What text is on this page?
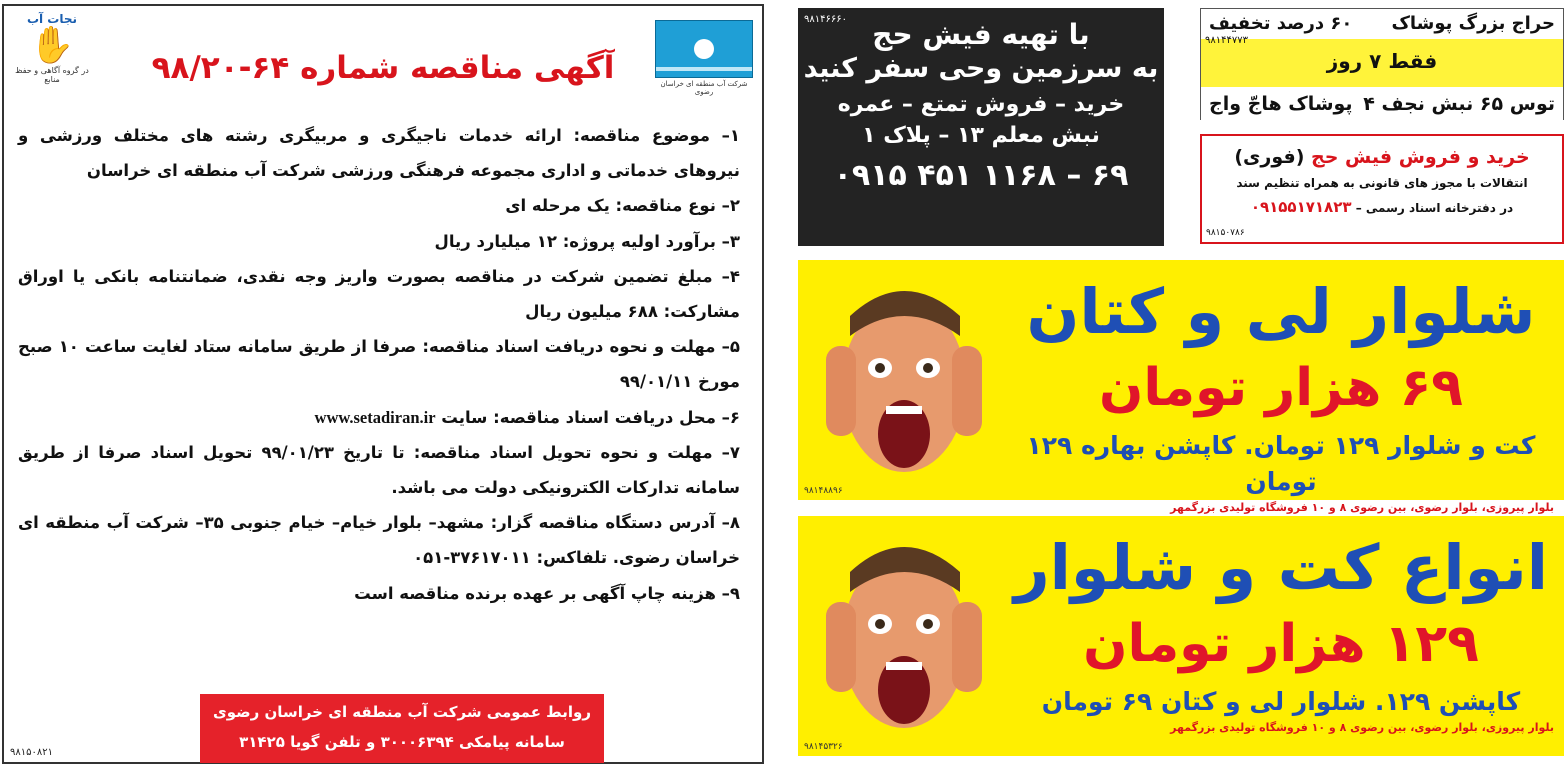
شرکت آب منطقه ای خراسان رضوی
نجات آب
✋
در گروه آگاهی و حفظ منابع	آگهی مناقصه شماره ۶۴-۹۸/۲۰

۱– موضوع مناقصه: ارائه خدمات ناجیگری و مربیگری رشته های مختلف ورزشی و نیروهای خدماتی و اداری مجموعه فرهنگی ورزشی شرکت آب منطقه ای خراسان

۲– نوع مناقصه: یک مرحله ای

۳– برآورد اولیه پروژه: ۱۲ میلیارد ریال

۴– مبلغ تضمین شرکت در مناقصه بصورت واریز وجه نقدی، ضمانتنامه بانکی یا اوراق مشارکت: ۶۸۸ میلیون ریال

۵– مهلت و نحوه دریافت اسناد مناقصه: صرفا از طریق سامانه ستاد لغایت ساعت ۱۰ صبح مورخ ۹۹/۰۱/۱۱

۶– محل دریافت اسناد مناقصه: سایت www.setadiran.ir

۷– مهلت و نحوه تحویل اسناد مناقصه: تا تاریخ ۹۹/۰۱/۲۳ تحویل اسناد صرفا از طریق سامانه تدارکات الکترونیکی دولت می باشد.

۸– آدرس دستگاه مناقصه گزار: مشهد– بلوار خیام– خیام جنوبی ۳۵– شرکت آب منطقه ای خراسان رضوی. تلفاکس: ۳۷۶۱۷۰۱۱-۰۵۱

۹– هزینه چاپ آگهی بر عهده برنده مناقصه است

روابط عمومی شرکت آب منطقه ای خراسان رضوی
سامانه پیامکی ۳۰۰۰۶۳۹۴ و تلفن گویا ۳۱۴۲۵
۹۸۱۵۰۸۲۱
با تهیه فیش حج
به سرزمین وحی سفر کنید
خرید – فروش تمتع – عمره
نبش معلم ۱۳ – پلاک ۱
۰۹۱۵ ۴۵۱ ۱۱۶۸ – ۶۹
۹۸۱۴۶۶۶۰	حراج بزرگ پوشاک
۶۰ درصد تخفیف
فقط ۷ روز
توس ۶۵ نبش نجف ۴
پوشاک هاجّ واج
۹۸۱۴۴۷۷۳
خرید و فروش فیش حج (فوری)
انتقالات با مجوز های قانونی به همراه تنظیم سند
در دفترخانه اسناد رسمی – ۰۹۱۵۵۱۷۱۸۲۳
۹۸۱۵۰۷۸۶
شلوار لی و کتان
۶۹ هزار تومان
کت و شلوار ۱۲۹ تومان. کاپشن بهاره ۱۲۹ تومان
بلوار پیروزی، بلوار رضوی، بین رضوی ۸ و ۱۰ فروشگاه تولیدی بزرگمهر
۹۸۱۴۸۸۹۶
انواع کت و شلوار
۱۲۹ هزار تومان
کاپشن ۱۲۹. شلوار لی و کتان ۶۹ تومان
بلوار پیروزی، بلوار رضوی، بین رضوی ۸ و ۱۰ فروشگاه تولیدی بزرگمهر
۹۸۱۴۵۳۲۶
